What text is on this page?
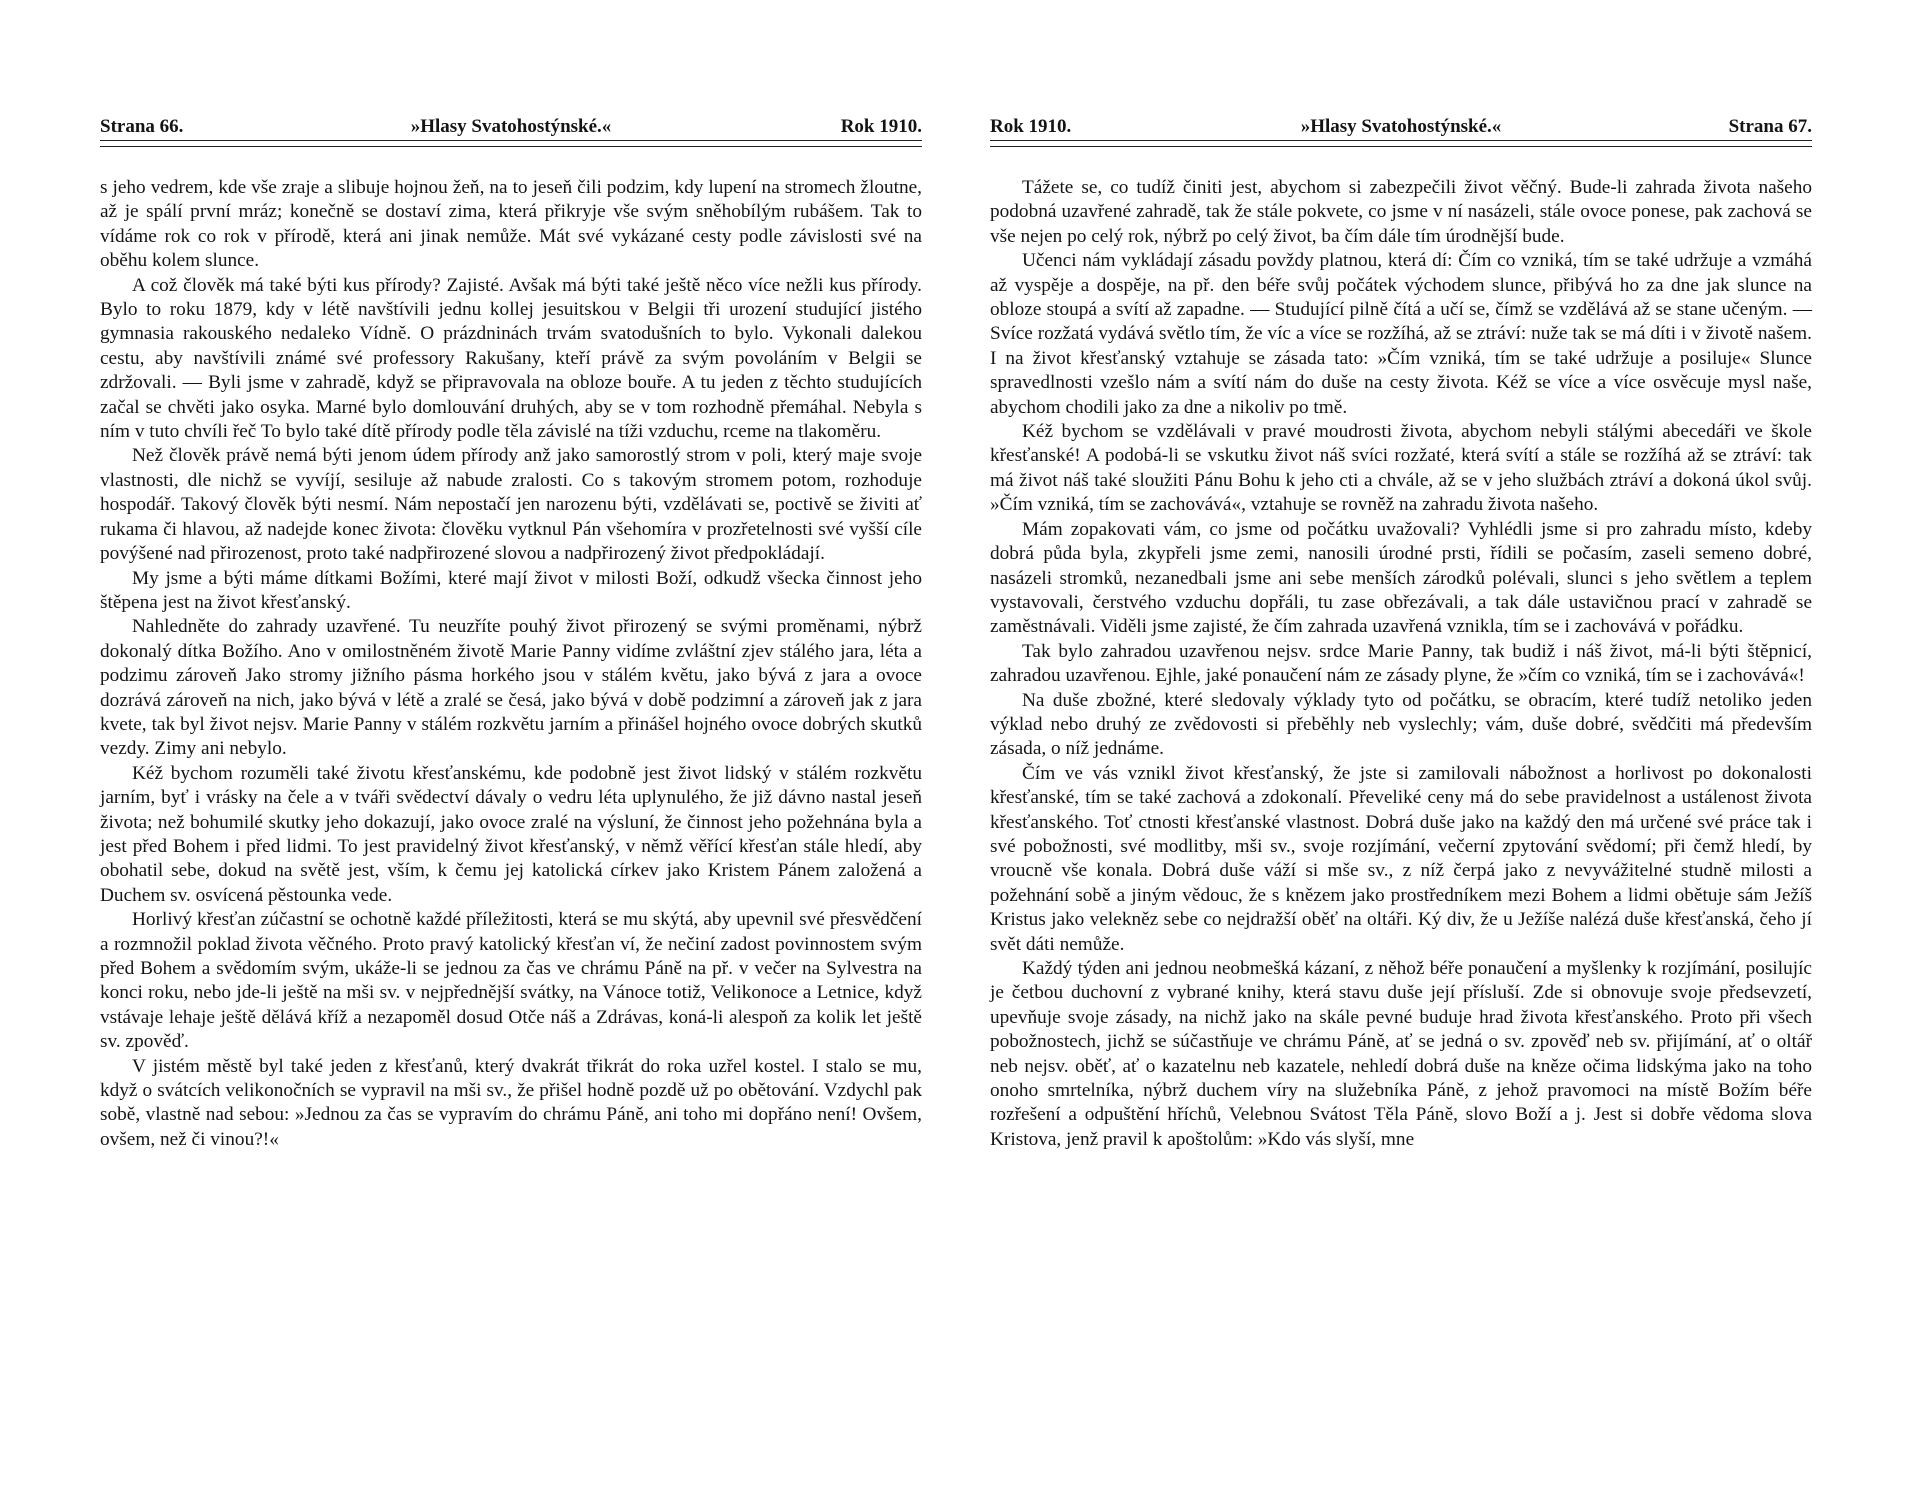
»Hlasy Svatohostýnské.«
Strana 66.	Rok 1910.

s jeho vedrem, kde vše zraje a slibuje hojnou žeň, na to jeseň čili podzim, kdy lupení na stromech žloutne, až je spálí první mráz; konečně se dostaví zima, která přikryje vše svým sněhobílým rubášem. Tak to vídáme rok co rok v přírodě, která ani jinak nemůže. Mát své vykázané cesty podle závislosti své na oběhu kolem slunce.

A což člověk má také býti kus přírody? Zajisté. Avšak má býti také ještě něco více nežli kus přírody. Bylo to roku 1879, kdy v létě navštívili jednu kollej jesuitskou v Belgii tři urození studující jistého gymnasia rakouského nedaleko Vídně. O prázdninách trvám svatodušních to bylo. Vykonali dalekou cestu, aby navštívili známé své professory Rakušany, kteří právě za svým povoláním v Belgii se zdržovali. — Byli jsme v zahradě, když se připravovala na obloze bouře. A tu jeden z těchto studujících začal se chvěti jako osyka. Marné bylo domlouvání druhých, aby se v tom rozhodně přemáhal. Nebyla s ním v tuto chvíli řeč To bylo také dítě přírody podle těla závislé na tíži vzduchu, rceme na tlakoměru.

Než člověk právě nemá býti jenom údem přírody anž jako samorostlý strom v poli, který maje svoje vlastnosti, dle nichž se vyvíjí, sesiluje až nabude zralosti. Co s takovým stromem potom, rozhoduje hospodář. Takový člověk býti nesmí. Nám nepostačí jen narozenu býti, vzdělávati se, poctivě se živiti ať rukama či hlavou, až nadejde konec života: člověku vytknul Pán všehomíra v prozřetelnosti své vyšší cíle povýšené nad přirozenost, proto také nadpřirozené slovou a nadpřirozený život předpokládají.

My jsme a býti máme dítkami Božími, které mají život v milosti Boží, odkudž všecka činnost jeho štěpena jest na život křesťanský.

Nahledněte do zahrady uzavřené. Tu neuzříte pouhý život přirozený se svými proměnami, nýbrž dokonalý dítka Božího. Ano v omilostněném životě Marie Panny vidíme zvláštní zjev stálého jara, léta a podzimu zároveň Jako stromy jižního pásma horkého jsou v stálém květu, jako bývá z jara a ovoce dozrává zároveň na nich, jako bývá v létě a zralé se česá, jako bývá v době podzimní a zároveň jak z jara kvete, tak byl život nejsv. Marie Panny v stálém rozkvětu jarním a přinášel hojného ovoce dobrých skutků vezdy. Zimy ani nebylo.

Kéž bychom rozuměli také životu křesťanskému, kde podobně jest život lidský v stálém rozkvětu jarním, byť i vrásky na čele a v tváři svědectví dávaly o vedru léta uplynulého, že již dávno nastal jeseň života; než bohumilé skutky jeho dokazují, jako ovoce zralé na výsluní, že činnost jeho požehnána byla a jest před Bohem i před lidmi. To jest pravidelný život křesťanský, v němž věřící křesťan stále hledí, aby obohatil sebe, dokud na světě jest, vším, k čemu jej katolická církev jako Kristem Pánem založená a Duchem sv. osvícená pěstounka vede.

Horlivý křesťan zúčastní se ochotně každé příležitosti, která se mu skýtá, aby upevnil své přesvědčení a rozmnožil poklad života věčného. Proto pravý katolický křesťan ví, že nečiní zadost povinnostem svým před Bohem a svědomím svým, ukáže-li se jednou za čas ve chrámu Páně na př. v večer na Sylvestra na konci roku, nebo jde-li ještě na mši sv. v nejpřednější svátky, na Vánoce totiž, Velikonoce a Letnice, když vstávaje lehaje ještě dělává kříž a nezapoměl dosud Otče náš a Zdrávas, koná-li alespoň za kolik let ještě sv. zpověď.

V jistém městě byl také jeden z křesťanů, který dvakrát třikrát do roka uzřel kostel. I stalo se mu, když o svátcích velikonočních se vypravil na mši sv., že přišel hodně pozdě už po obětování. Vzdychl pak sobě, vlastně nad sebou: »Jednou za čas se vypravím do chrámu Páně, ani toho mi dopřáno není! Ovšem, ovšem, než či vinou?!«

»Hlasy Svatohostýnské.«
Rok 1910.	Strana 67.

Tážete se, co tudíž činiti jest, abychom si zabezpečili život věčný. Bude-li zahrada života našeho podobná uzavřené zahradě, tak že stále pokvete, co jsme v ní nasázeli, stále ovoce ponese, pak zachová se vše nejen po celý rok, nýbrž po celý život, ba čím dále tím úrodnější bude.

Učenci nám vykládají zásadu povždy platnou, která dí: Čím co vzniká, tím se také udržuje a vzmáhá až vyspěje a dospěje, na př. den béře svůj počátek východem slunce, přibývá ho za dne jak slunce na obloze stoupá a svítí až zapadne. — Studující pilně čítá a učí se, čímž se vzdělává až se stane učeným. — Svíce rozžatá vydává světlo tím, že víc a více se rozžíhá, až se ztráví: nuže tak se má díti i v životě našem. I na život křesťanský vztahuje se zásada tato: »Čím vzniká, tím se také udržuje a posiluje« Slunce spravedlnosti vzešlo nám a svítí nám do duše na cesty života. Kéž se více a více osvěcuje mysl naše, abychom chodili jako za dne a nikoliv po tmě.

Kéž bychom se vzdělávali v pravé moudrosti života, abychom nebyli stálými abecedáři ve škole křesťanské! A podobá-li se vskutku život náš svíci rozžaté, která svítí a stále se rozžíhá až se ztráví: tak má život náš také sloužiti Pánu Bohu k jeho cti a chvále, až se v jeho službách ztráví a dokoná úkol svůj. »Čím vzniká, tím se zachovává«, vztahuje se rovněž na zahradu života našeho.

Mám zopakovati vám, co jsme od počátku uvažovali? Vyhlédli jsme si pro zahradu místo, kdeby dobrá půda byla, zkypřeli jsme zemi, nanosili úrodné prsti, řídili se počasím, zaseli semeno dobré, nasázeli stromků, nezanedbali jsme ani sebe menších zárodků polévali, slunci s jeho světlem a teplem vystavovali, čerstvého vzduchu dopřáli, tu zase obřezávali, a tak dále ustavičnou prací v zahradě se zaměstnávali. Viděli jsme zajisté, že čím zahrada uzavřená vznikla, tím se i zachovává v pořádku.

Tak bylo zahradou uzavřenou nejsv. srdce Marie Panny, tak budiž i náš život, má-li býti štěpnicí, zahradou uzavřenou. Ejhle, jaké ponaučení nám ze zásady plyne, že »čím co vzniká, tím se i zachovává«!

Na duše zbožné, které sledovaly výklady tyto od počátku, se obracím, které tudíž netoliko jeden výklad nebo druhý ze zvědovosti si přeběhly neb vyslechly; vám, duše dobré, svědčiti má především zásada, o níž jednáme.

Čím ve vás vznikl život křesťanský, že jste si zamilovali nábožnost a horlivost po dokonalosti křesťanské, tím se také zachová a zdokonalí. Převeliké ceny má do sebe pravidelnost a ustálenost života křesťanského. Toť ctnosti křesťanské vlastnost. Dobrá duše jako na každý den má určené své práce tak i své pobožnosti, své modlitby, mši sv., svoje rozjímání, večerní zpytování svědomí; při čemž hledí, by vroucně vše konala. Dobrá duše váží si mše sv., z níž čerpá jako z nevyvážitelné studně milosti a požehnání sobě a jiným vědouc, že s knězem jako prostředníkem mezi Bohem a lidmi obětuje sám Ježíš Kristus jako velekněz sebe co nejdražší oběť na oltáři. Ký div, že u Ježíše nalézá duše křesťanská, čeho jí svět dáti nemůže.

Každý týden ani jednou neobmešká kázaní, z něhož béře ponaučení a myšlenky k rozjímání, posilujíc je četbou duchovní z vybrané knihy, která stavu duše její přísluší. Zde si obnovuje svoje předsevzetí, upevňuje svoje zásady, na nichž jako na skále pevné buduje hrad života křesťanského. Proto při všech pobožnostech, jichž se súčastňuje ve chrámu Páně, ať se jedná o sv. zpověď neb sv. přijímání, ať o oltář neb nejsv. oběť, ať o kazatelnu neb kazatele, nehledí dobrá duše na kněze očima lidskýma jako na toho onoho smrtelníka, nýbrž duchem víry na služebníka Páně, z jehož pravomoci na místě Božím béře rozřešení a odpuštění hříchů, Velebnou Svátost Těla Páně, slovo Boží a j. Jest si dobře vědoma slova Kristova, jenž pravil k apoštolům: »Kdo vás slyší, mne
